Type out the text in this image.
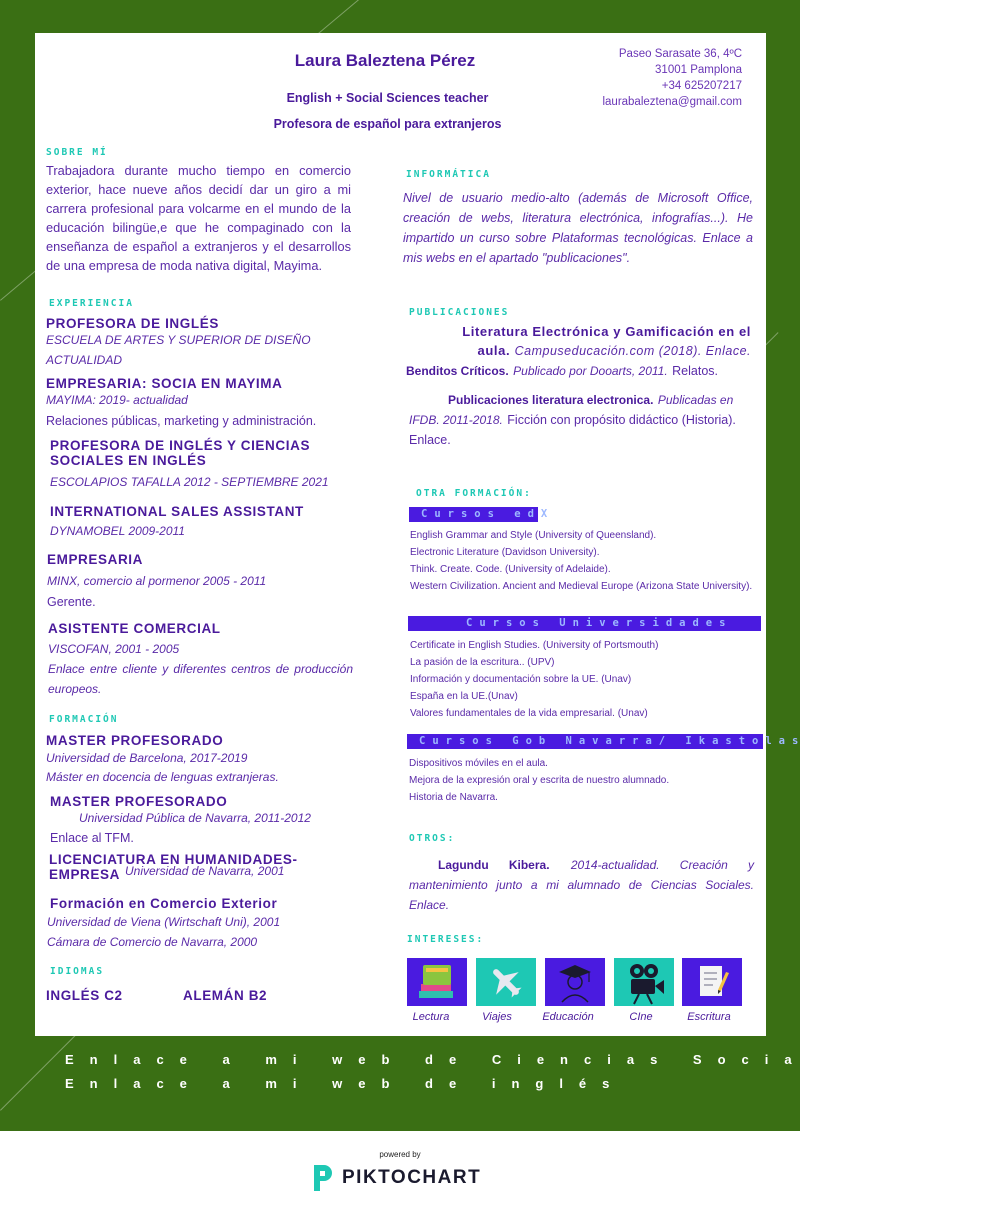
Laura Baleztena Pérez
English + Social Sciences teacher
Profesora de español para extranjeros
Paseo Sarasate 36, 4ºC
31001 Pamplona
+34 625207217
laurabaleztena@gmail.com
SOBRE MÍ
Trabajadora durante mucho tiempo en comercio exterior, hace nueve años decidí dar un giro a mi carrera profesional para volcarme en el mundo de la educación bilingüe,e que he compaginado con la enseñanza de español a extranjeros y el desarrollos de una empresa de moda nativa digital, Mayima.
EXPERIENCIA
PROFESORA DE INGLÉS
ESCUELA DE ARTES Y SUPERIOR DE DISEÑO
ACTUALIDAD
EMPRESARIA: SOCIA EN MAYIMA
MAYIMA: 2019- actualidad
Relaciones públicas, marketing y administración.
PROFESORA DE INGLÉS Y CIENCIAS SOCIALES EN INGLÉS
ESCOLAPIOS TAFALLA 2012 - SEPTIEMBRE 2021
INTERNATIONAL SALES ASSISTANT
DYNAMOBEL 2009-2011
EMPRESARIA
MINX, comercio al pormenor 2005 - 2011
Gerente.
ASISTENTE COMERCIAL
VISCOFAN, 2001 - 2005
Enlace entre cliente y diferentes centros de producción europeos.
FORMACIÓN
MASTER PROFESORADO
Universidad de Barcelona, 2017-2019
Máster en docencia de lenguas extranjeras.
MASTER PROFESORADO
Universidad Pública de Navarra, 2011-2012
Enlace al TFM.
LICENCIATURA EN HUMANIDADES- EMPRESA Universidad de Navarra, 2001
Formación en Comercio Exterior
Universidad de Viena (Wirtschaft Uni), 2001
Cámara de Comercio de Navarra, 2000
IDIOMAS
INGLÉS C2	ALEMÁN B2
INFORMÁTICA
Nivel de usuario medio-alto (además de Microsoft Office, creación de webs, literatura electrónica, infografías...). He impartido un curso sobre Plataformas tecnológicas. Enlace a mis webs en el apartado "publicaciones".
PUBLICACIONES
Literatura Electrónica y Gamificación en el aula. Campuseducación.com (2018). Enlace.
Benditos Críticos. Publicado por Dooarts, 2011. Relatos.
Publicaciones literatura electronica. Publicadas en IFDB. 2011-2018. Ficción con propósito didáctico (Historia). Enlace.
OTRA FORMACIÓN:
Cursos edX
English Grammar and Style (University of Queensland).
Electronic Literature (Davidson University).
Think. Create. Code. (University of Adelaide).
Western Civilization. Ancient and Medieval Europe (Arizona State University).
Cursos Universidades
Certificate in English Studies. (University of Portsmouth)
La pasión de la escritura.. (UPV)
Información y documentación sobre la UE. (Unav)
España en la UE.(Unav)
Valores fundamentales de la vida empresarial. (Unav)
Cursos Gob Navarra/ Ikastolas
Dispositivos móviles en el aula.
Mejora de la expresión oral y escrita de nuestro alumnado.
Historia de Navarra.
OTROS:
Lagundu Kibera. 2014-actualidad. Creación y mantenimiento junto a mi alumnado de Ciencias Sociales. Enlace.
INTERESES:
Lectura	Viajes	Educación	CIne	Escritura
Enlace a mi web de Ciencias Sociales
Enlace a mi web de inglés
powered by
PIKTOCHART
